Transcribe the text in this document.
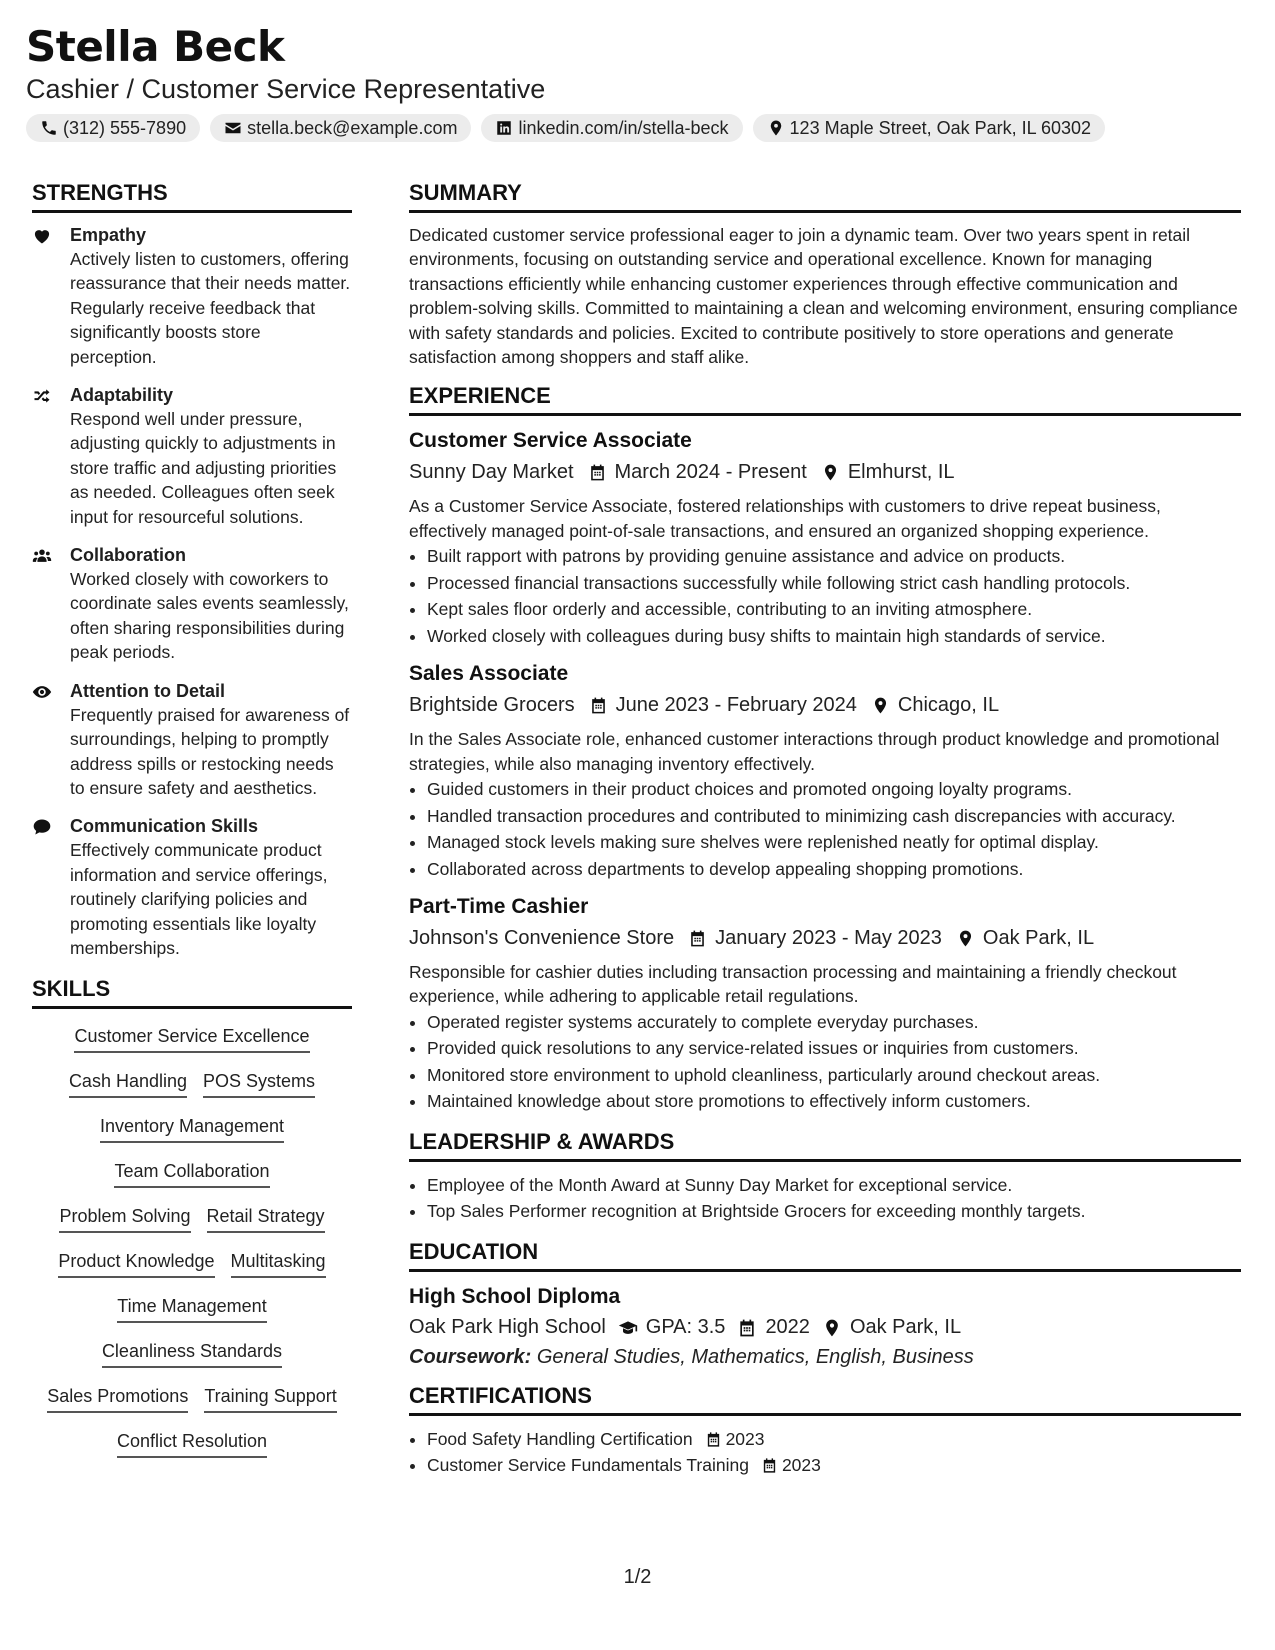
Stella Beck
Cashier / Customer Service Representative
(312) 555-7890	stella.beck@example.com	linkedin.com/in/stella-beck	123 Maple Street, Oak Park, IL 60302
STRENGTHS
Empathy
Actively listen to customers, offering reassurance that their needs matter. Regularly receive feedback that significantly boosts store perception.
Adaptability
Respond well under pressure, adjusting quickly to adjustments in store traffic and adjusting priorities as needed. Colleagues often seek input for resourceful solutions.
Collaboration
Worked closely with coworkers to coordinate sales events seamlessly, often sharing responsibilities during peak periods.
Attention to Detail
Frequently praised for awareness of surroundings, helping to promptly address spills or restocking needs to ensure safety and aesthetics.
Communication Skills
Effectively communicate product information and service offerings, routinely clarifying policies and promoting essentials like loyalty memberships.
SKILLS
Customer Service Excellence
Cash Handling POS Systems
Inventory Management
Team Collaboration
Problem Solving Retail Strategy
Product Knowledge Multitasking
Time Management
Cleanliness Standards
Sales Promotions Training Support
Conflict Resolution
SUMMARY

Dedicated customer service professional eager to join a dynamic team. Over two years spent in retail environments, focusing on outstanding service and operational excellence. Known for managing transactions efficiently while enhancing customer experiences through effective communication and problem-solving skills. Committed to maintaining a clean and welcoming environment, ensuring compliance with safety standards and policies. Excited to contribute positively to store operations and generate satisfaction among shoppers and staff alike.

EXPERIENCE
Customer Service Associate
Sunny Day Market March 2024 - Present Elmhurst, IL

As a Customer Service Associate, fostered relationships with customers to drive repeat business, effectively managed point-of-sale transactions, and ensured an organized shopping experience.

• Built rapport with patrons by providing genuine assistance and advice on products.
• Processed financial transactions successfully while following strict cash handling protocols.
• Kept sales floor orderly and accessible, contributing to an inviting atmosphere.
• Worked closely with colleagues during busy shifts to maintain high standards of service.
Sales Associate
Brightside Grocers June 2023 - February 2024 Chicago, IL

In the Sales Associate role, enhanced customer interactions through product knowledge and promotional strategies, while also managing inventory effectively.

• Guided customers in their product choices and promoted ongoing loyalty programs.
• Handled transaction procedures and contributed to minimizing cash discrepancies with accuracy.
• Managed stock levels making sure shelves were replenished neatly for optimal display.
• Collaborated across departments to develop appealing shopping promotions.
Part-Time Cashier
Johnson's Convenience Store January 2023 - May 2023 Oak Park, IL

Responsible for cashier duties including transaction processing and maintaining a friendly checkout experience, while adhering to applicable retail regulations.

• Operated register systems accurately to complete everyday purchases.
• Provided quick resolutions to any service-related issues or inquiries from customers.
• Monitored store environment to uphold cleanliness, particularly around checkout areas.
• Maintained knowledge about store promotions to effectively inform customers.
LEADERSHIP & AWARDS
• Employee of the Month Award at Sunny Day Market for exceptional service.
• Top Sales Performer recognition at Brightside Grocers for exceeding monthly targets.
EDUCATION
High School Diploma
Oak Park High School GPA: 3.5 2022 Oak Park, IL
Coursework: General Studies, Mathematics, English, Business
CERTIFICATIONS
• Food Safety Handling Certification 2023
• Customer Service Fundamentals Training 2023
1/2
